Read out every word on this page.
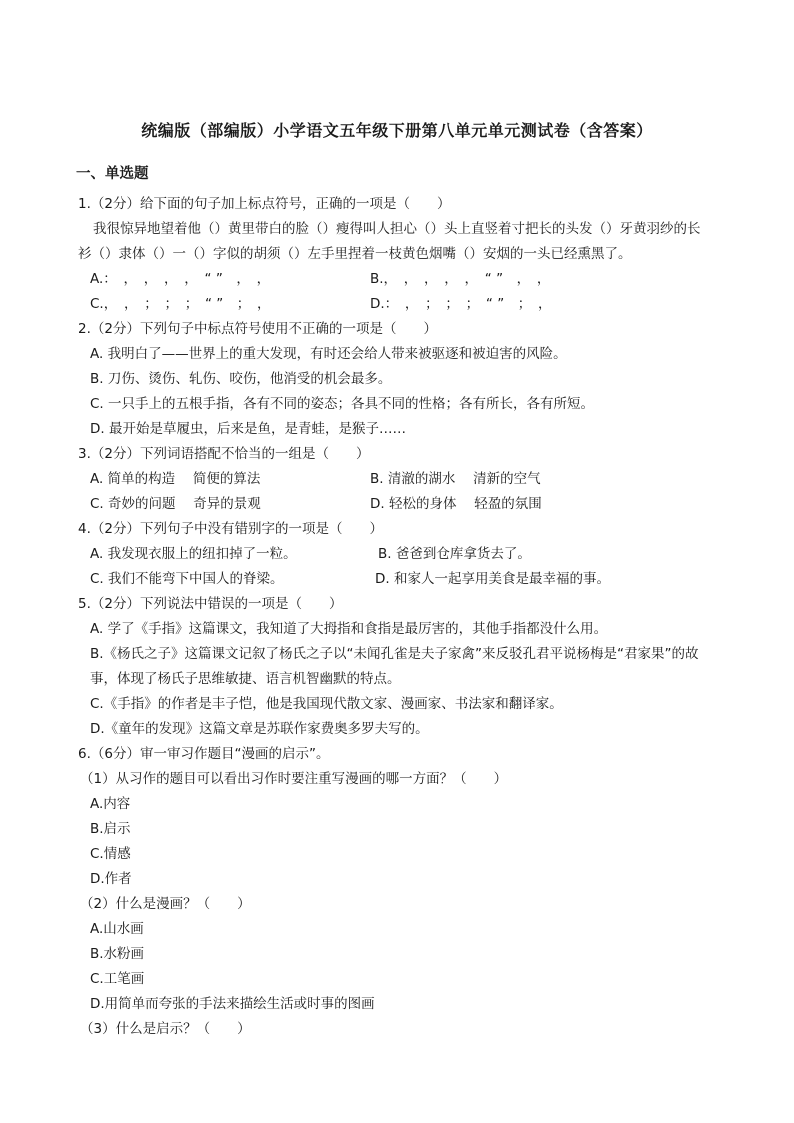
统编版（部编版）小学语文五年级下册第八单元单元测试卷（含答案）
一、单选题
1.（2分）给下面的句子加上标点符号，正确的一项是（　　）
我很惊异地望着他（）黄里带白的脸（）瘦得叫人担心（）头上直竖着寸把长的头发（）牙黄羽纱的长
衫（）隶体（）一（）字似的胡须（）左手里捏着一枝黄色烟嘴（）安烟的一头已经熏黑了。
A.：　，　，　，　，　“ ”　，　，	B.，　，　，　，　，　“ ”　，　，
C.，　，　；　；　；　“ ”　；　，	D.：　，　；　；　；　“ ”　；　，
2.（2分）下列句子中标点符号使用不正确的一项是（　　）
A. 我明白了——世界上的重大发现，有时还会给人带来被驱逐和被迫害的风险。
B. 刀伤、烫伤、轧伤、咬伤，他消受的机会最多。
C. 一只手上的五根手指，各有不同的姿态；各具不同的性格；各有所长，各有所短。
D. 最开始是草履虫，后来是鱼，是青蛙，是猴子……
3.（2分）下列词语搭配不恰当的一组是（　　）
A. 简单的构造　 简便的算法	B. 清澈的湖水　 清新的空气
C. 奇妙的问题　 奇异的景观	D. 轻松的身体　 轻盈的氛围
4.（2分）下列句子中没有错别字的一项是（　　）
A. 我发现衣服上的纽扣掉了一粒。	B. 爸爸到仓库拿货去了。
C. 我们不能弯下中国人的脊梁。	D. 和家人一起享用美食是最幸福的事。
5.（2分）下列说法中错误的一项是（　　）
A. 学了《手指》这篇课文，我知道了大拇指和食指是最厉害的，其他手指都没什么用。
B.《杨氏之子》这篇课文记叙了杨氏之子以“未闻孔雀是夫子家禽”来反驳孔君平说杨梅是“君家果”的故
事，体现了杨氏子思维敏捷、语言机智幽默的特点。
C.《手指》的作者是丰子恺，他是我国现代散文家、漫画家、书法家和翻译家。
D.《童年的发现》这篇文章是苏联作家费奥多罗夫写的。
6.（6分）审一审习作题目“漫画的启示”。
（1）从习作的题目可以看出习作时要注重写漫画的哪一方面？（　　）
A.内容
B.启示
C.情感
D.作者
（2）什么是漫画？（　　）
A.山水画
B.水粉画
C.工笔画
D.用简单而夸张的手法来描绘生活或时事的图画
（3）什么是启示？（　　）
